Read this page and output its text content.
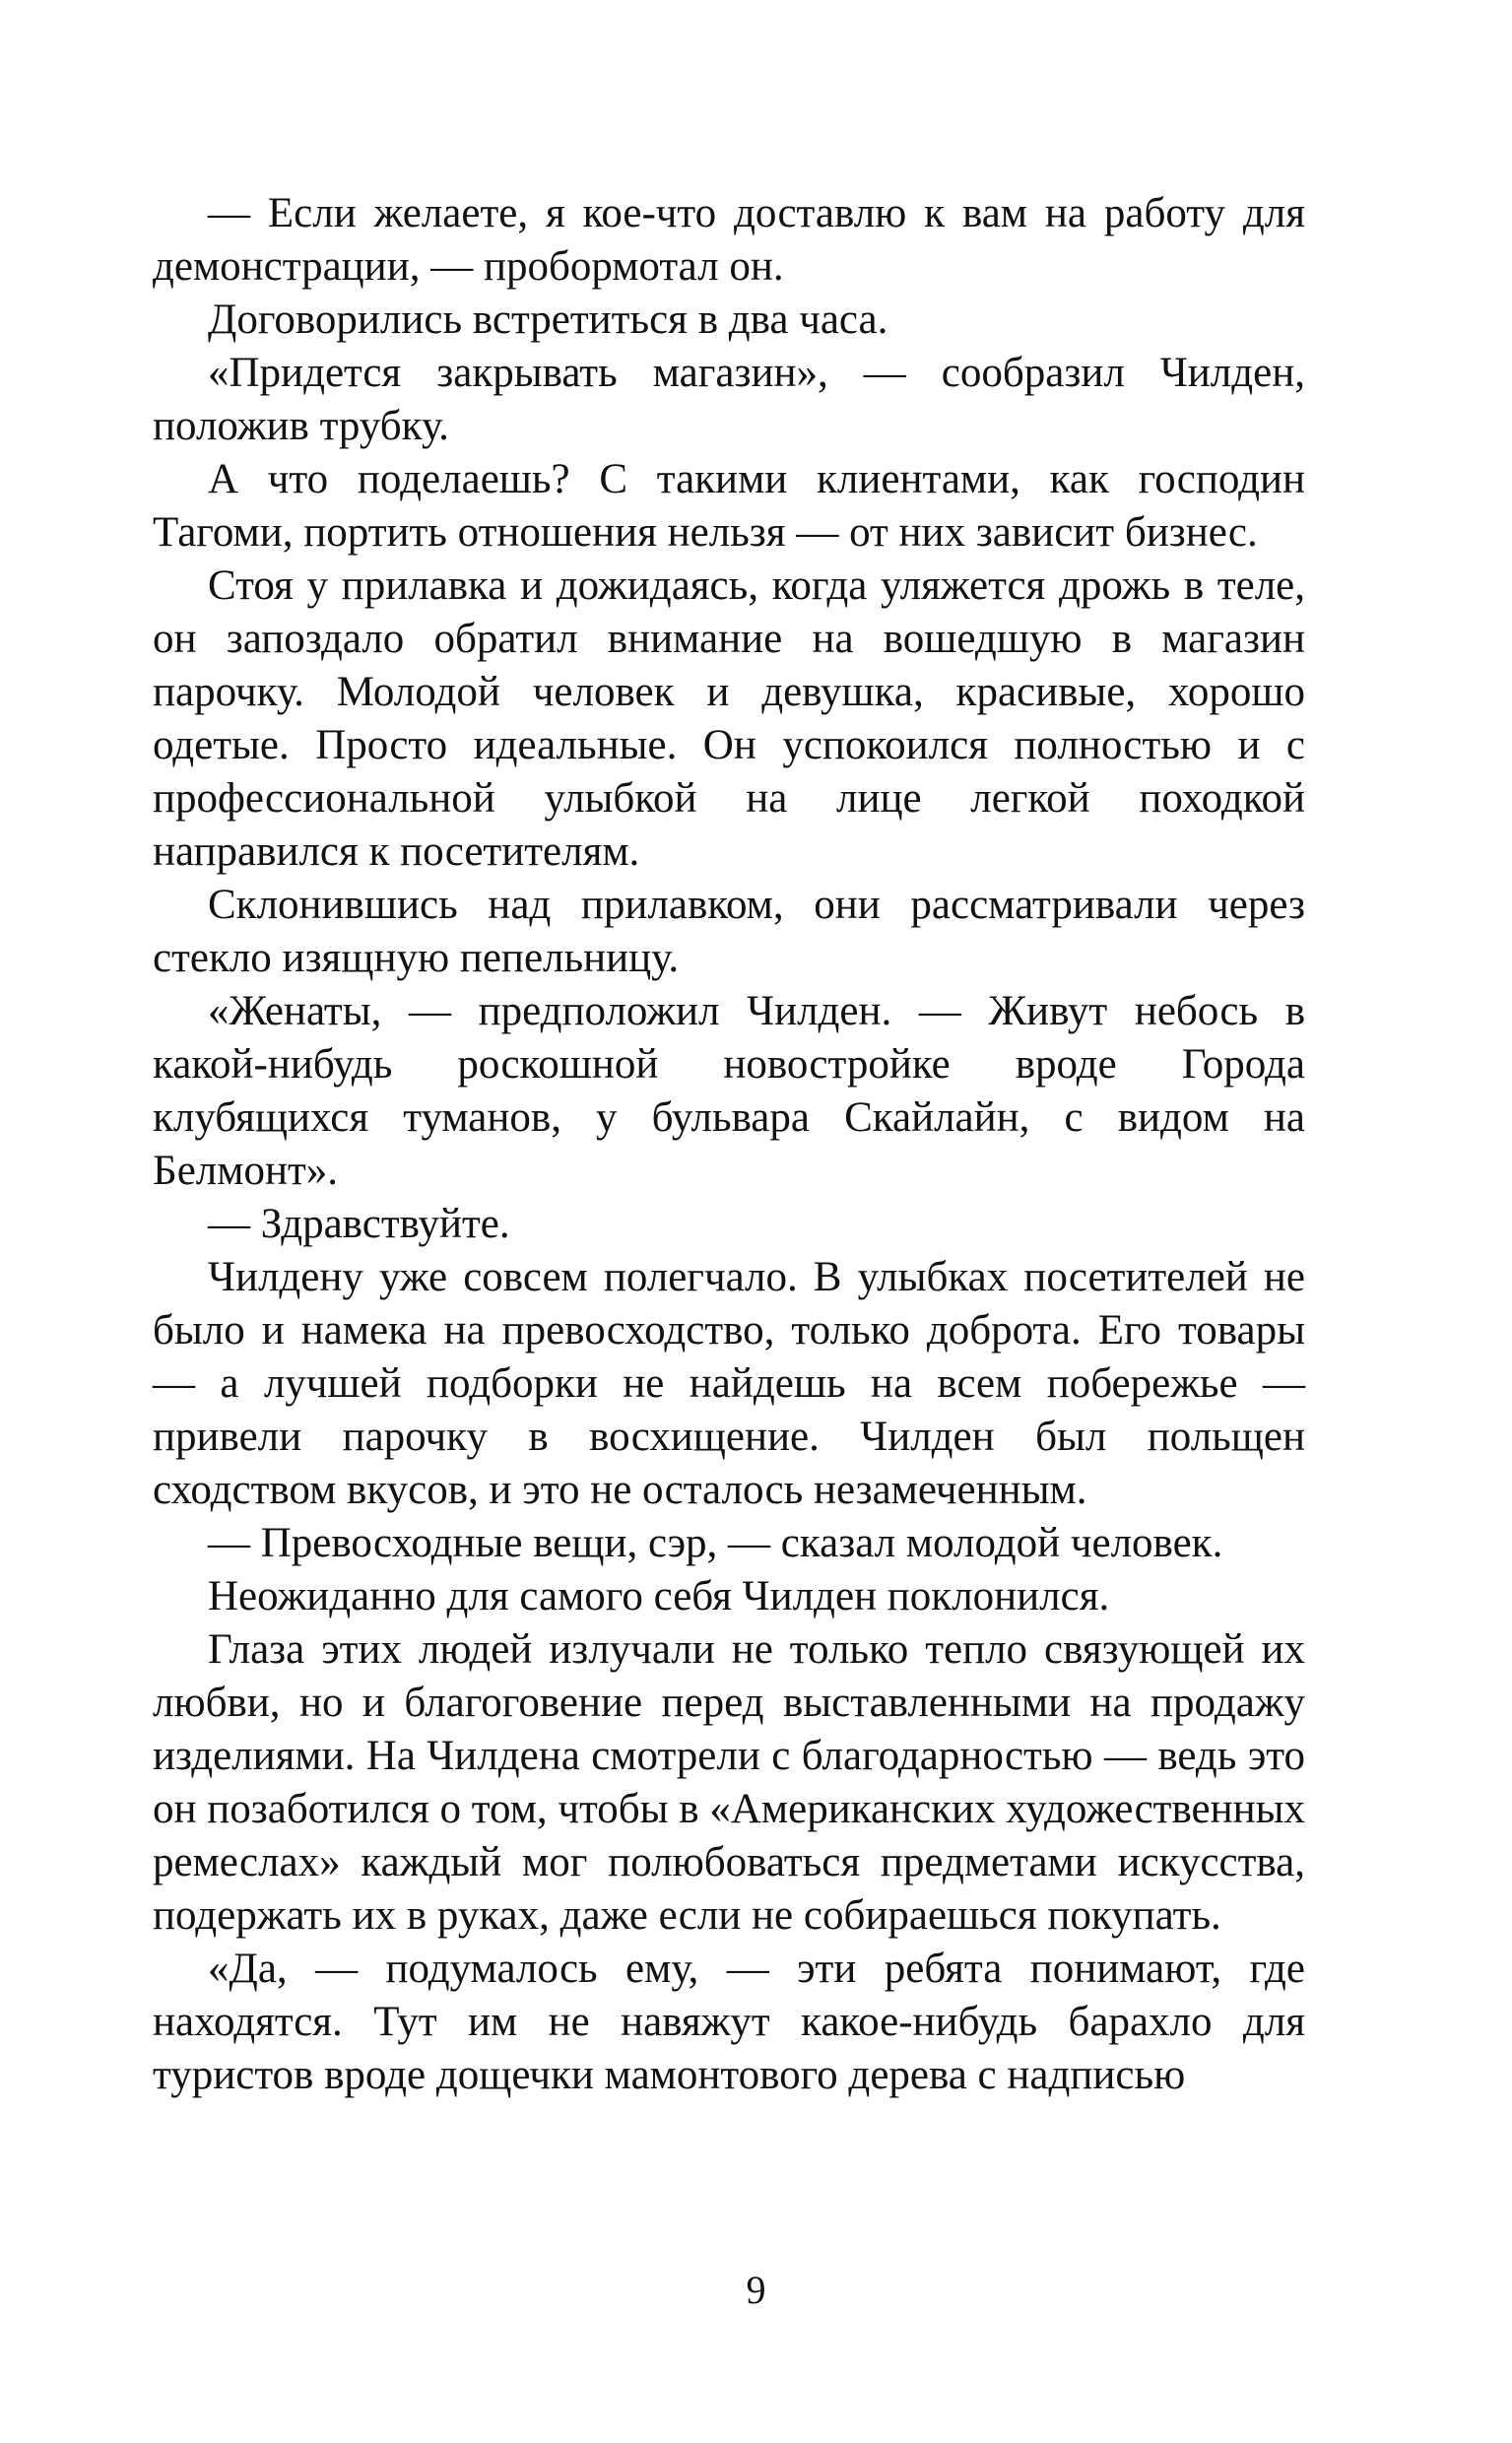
— Если желаете, я кое-что доставлю к вам на работу для демонстрации, — пробормотал он.

Договорились встретиться в два часа.

«Придется закрывать магазин», — сообразил Чилден, положив трубку.

А что поделаешь? С такими клиентами, как господин Тагоми, портить отношения нельзя — от них зависит бизнес.

Стоя у прилавка и дожидаясь, когда уляжется дрожь в теле, он запоздало обратил внимание на вошедшую в магазин парочку. Молодой человек и девушка, красивые, хорошо одетые. Просто идеальные. Он успокоился полностью и с профессиональной улыбкой на лице легкой походкой направился к посетителям.

Склонившись над прилавком, они рассматривали через стекло изящную пепельницу.

«Женаты, — предположил Чилден. — Живут небось в какой-нибудь роскошной новостройке вроде Города клубящихся туманов, у бульвара Скайлайн, с видом на Белмонт».

— Здравствуйте.

Чилдену уже совсем полегчало. В улыбках посетителей не было и намека на превосходство, только доброта. Его товары — а лучшей подборки не найдешь на всем побережье — привели парочку в восхищение. Чилден был польщен сходством вкусов, и это не осталось незамеченным.

— Превосходные вещи, сэр, — сказал молодой человек.

Неожиданно для самого себя Чилден поклонился.

Глаза этих людей излучали не только тепло связующей их любви, но и благоговение перед выставленными на продажу изделиями. На Чилдена смотрели с благодарностью — ведь это он позаботился о том, чтобы в «Американских художественных ремеслах» каждый мог полюбоваться предметами искусства, подержать их в руках, даже если не собираешься покупать.

«Да, — подумалось ему, — эти ребята понимают, где находятся. Тут им не навяжут какое-нибудь барахло для туристов вроде дощечки мамонтового дерева с надписью

9
